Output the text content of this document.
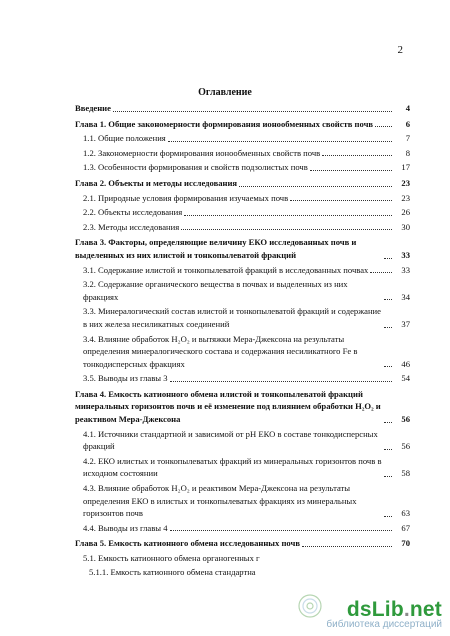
2
Оглавление
Введение	4
Глава 1. Общие закономерности формирования ионообменных свойств почв	6
1.1. Общие положения	7
1.2. Закономерности формирования ионообменных свойств почв	8
1.3. Особенности формирования и свойств подзолистых почв	17
Глава 2. Объекты и методы исследования	23
2.1. Природные условия формирования изучаемых почв	23
2.2. Объекты исследования	26
2.3. Методы исследования	30
Глава 3. Факторы, определяющие величину ЕКО исследованных почв и выделенных из них илистой и тонкопылеватой фракций	33
3.1. Содержание илистой и тонкопылеватой фракций в исследованных почвах	33
3.2. Содержание органического вещества в почвах и выделенных из них фракциях	34
3.3. Минералогический состав илистой и тонкопылеватой фракций и содержание в них железа несиликатных соединений	37
3.4. Влияние обработок H₂O₂ и вытяжки Мера-Джексона на результаты определения минералогического состава и содержания несиликатного Fe в тонкодисперсных фракциях	46
3.5. Выводы из главы 3	54
Глава 4. Емкость катионного обмена илистой и тонкопылеватой фракций минеральных горизонтов почв и её изменение под влиянием обработки H₂O₂ и реактивом Мера-Джексона	56
4.1. Источники стандартной и зависимой от pH ЕКО в составе тонкодисперсных фракций	56
4.2. ЕКО илистых и тонкопылеватых фракций из минеральных горизонтов почв в исходном состоянии	58
4.3. Влияние обработок H₂O₂ и реактивом Мера-Джексона на результаты определения ЕКО в илистых и тонкопылеватых фракциях из минеральных горизонтов почв	63
4.4. Выводы из главы 4	67
Глава 5. Емкость катионного обмена исследованных почв	70
5.1. Емкость катионного обмена органогенных г
5.1.1. Емкость катионного обмена стандартна
dsLib.net
библиотека диссертаций
